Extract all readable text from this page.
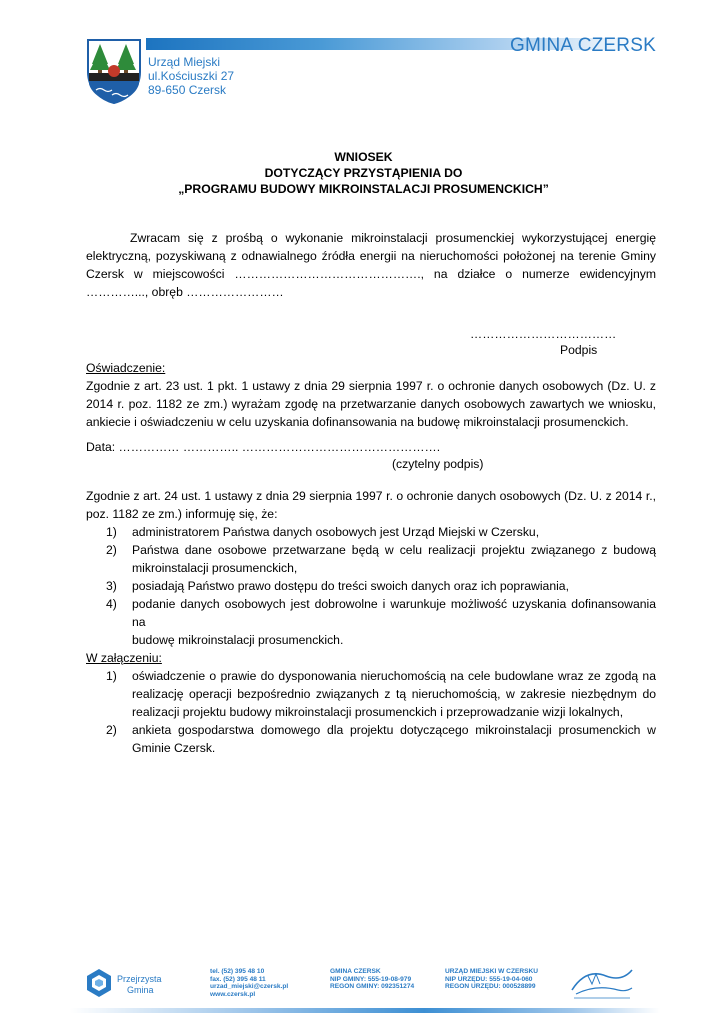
GMINA CZERSK
Urząd Miejski
ul.Kościuszki 27
89-650 Czersk
WNIOSEK
DOTYCZĄCY PRZYSTĄPIENIA DO
„PROGRAMU BUDOWY MIKROINSTALACJI PROSUMENCKICH”
Zwracam się z prośbą o wykonanie mikroinstalacji prosumenckiej wykorzystującej energię
elektryczną, pozyskiwaną z odnawialnego źródła energii na nieruchomości położonej na terenie Gminy
Czersk w miejscowości ………………………………………., na działce o numerze ewidencyjnym
…………..., obręb ……………………
………………………………
Podpis
Oświadczenie:
Zgodnie z art. 23 ust. 1 pkt. 1 ustawy z dnia 29 sierpnia 1997 r. o ochronie danych osobowych (Dz. U. z
2014 r. poz. 1182 ze zm.) wyrażam zgodę na przetwarzanie danych osobowych zawartych we wniosku,
ankiecie i oświadczeniu w celu uzyskania dofinansowania na budowę mikroinstalacji prosumenckich.
Data: …………… ………….. ………………………………………….
(czytelny podpis)
Zgodnie z art. 24 ust. 1 ustawy z dnia 29 sierpnia 1997 r. o ochronie danych osobowych (Dz. U. z 2014 r.,
poz. 1182 ze zm.) informuję się, że:
1) administratorem Państwa danych osobowych jest Urząd Miejski w Czersku,
2) Państwa dane osobowe przetwarzane będą w celu realizacji projektu związanego z budową
mikroinstalacji prosumenckich,
3) posiadają Państwo prawo dostępu do treści swoich danych oraz ich poprawiania,
4) podanie danych osobowych jest dobrowolne i warunkuje możliwość uzyskania dofinansowania na
budowę mikroinstalacji prosumenckich.
W załączeniu:
1) oświadczenie o prawie do dysponowania nieruchomością na cele budowlane wraz ze zgodą na
realizację operacji bezpośrednio związanych z tą nieruchomością, w zakresie niezbędnym do
realizacji projektu budowy mikroinstalacji prosumenckich i przeprowadzanie wizji lokalnych,
2) ankieta gospodarstwa domowego dla projektu dotyczącego mikroinstalacji prosumenckich w
Gminie Czersk.
Przejrzysta
Gmina
tel. (52) 395 48 10
fax. (52) 395 48 11
urzad_miejski@czersk.pl
www.czersk.pl
GMINA CZERSK
NIP GMINY: 555-19-08-979
REGON GMINY: 092351274
URZĄD MIEJSKI W CZERSKU
NIP URZĘDU: 555-19-04-060
REGON URZĘDU: 000528899
